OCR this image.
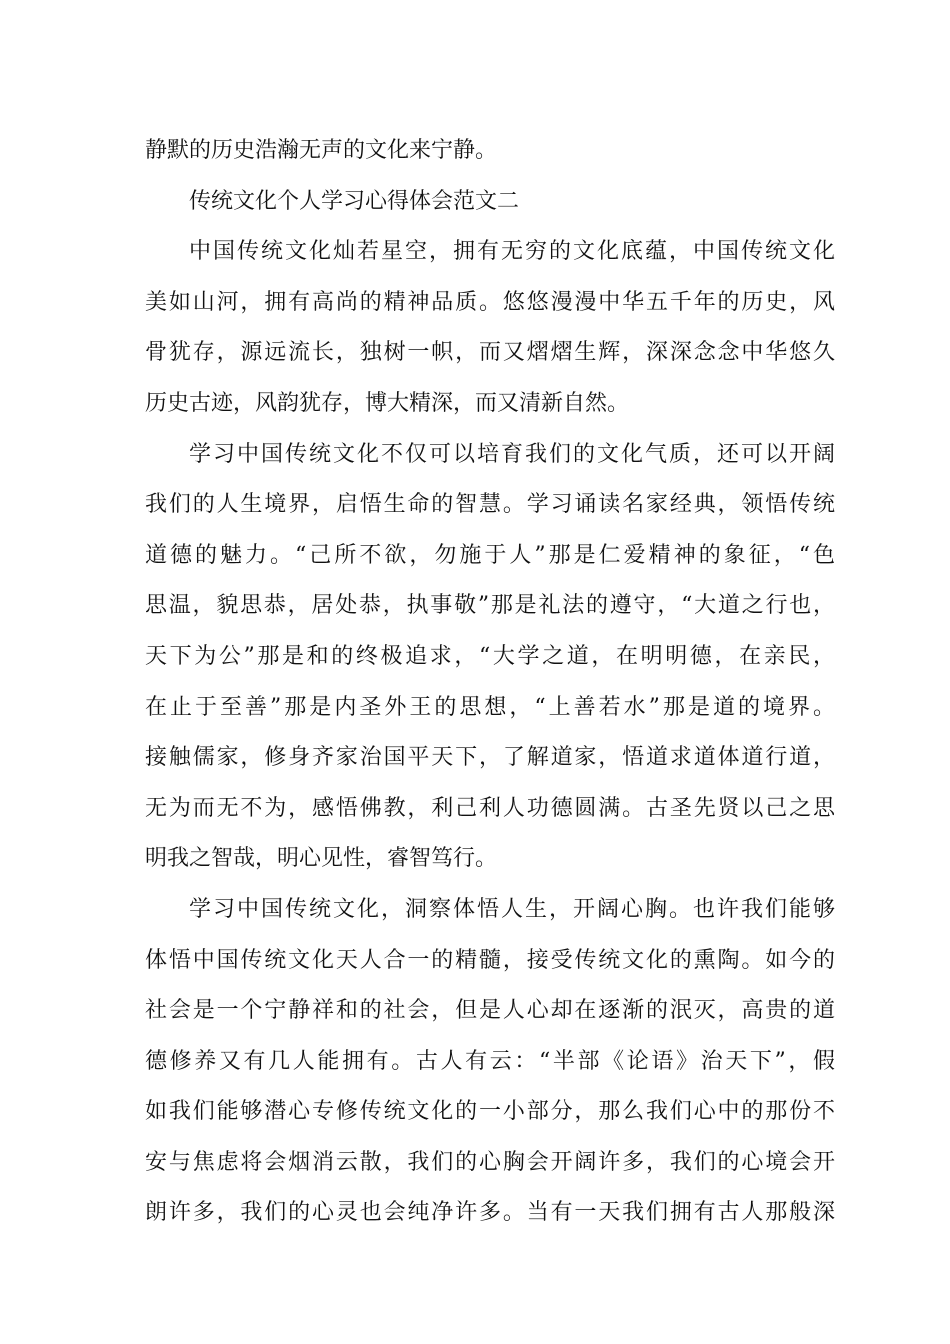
静默的历史浩瀚无声的文化来宁静。
传统文化个人学习心得体会范文二
中国传统文化灿若星空，拥有无穷的文化底蕴，中国传统文化
美如山河，拥有高尚的精神品质。悠悠漫漫中华五千年的历史，风
骨犹存，源远流长，独树一帜，而又熠熠生辉，深深念念中华悠久
历史古迹，风韵犹存，博大精深，而又清新自然。
学习中国传统文化不仅可以培育我们的文化气质，还可以开阔
我们的人生境界，启悟生命的智慧。学习诵读名家经典，领悟传统
道德的魅力。“己所不欲，勿施于人”那是仁爱精神的象征，“色
思温，貌思恭，居处恭，执事敬”那是礼法的遵守，“大道之行也，
天下为公”那是和的终极追求，“大学之道，在明明德，在亲民，
在止于至善”那是内圣外王的思想，“上善若水”那是道的境界。
接触儒家，修身齐家治国平天下，了解道家，悟道求道体道行道，
无为而无不为，感悟佛教，利己利人功德圆满。古圣先贤以己之思
明我之智哉，明心见性，睿智笃行。
学习中国传统文化，洞察体悟人生，开阔心胸。也许我们能够
体悟中国传统文化天人合一的精髓，接受传统文化的熏陶。如今的
社会是一个宁静祥和的社会，但是人心却在逐渐的泯灭，高贵的道
德修养又有几人能拥有。古人有云：“半部《论语》治天下”，假
如我们能够潜心专修传统文化的一小部分，那么我们心中的那份不
安与焦虑将会烟消云散，我们的心胸会开阔许多，我们的心境会开
朗许多，我们的心灵也会纯净许多。当有一天我们拥有古人那般深
